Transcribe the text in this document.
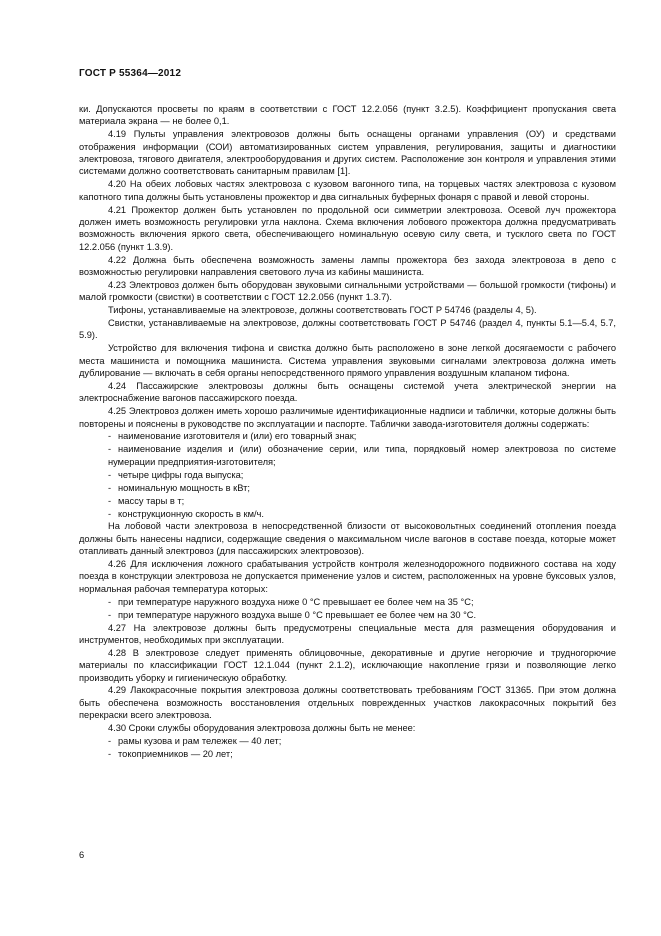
ГОСТ Р 55364—2012
ки. Допускаются просветы по краям в соответствии с ГОСТ 12.2.056 (пункт 3.2.5). Коэффициент пропускания света материала экрана — не более 0,1.
4.19 Пульты управления электровозов должны быть оснащены органами управления (ОУ) и средствами отображения информации (СОИ) автоматизированных систем управления, регулирования, защиты и диагностики электровоза, тягового двигателя, электрооборудования и других систем. Расположение зон контроля и управления этими системами должно соответствовать санитарным правилам [1].
4.20 На обеих лобовых частях электровоза с кузовом вагонного типа, на торцевых частях электровоза с кузовом капотного типа должны быть установлены прожектор и два сигнальных буферных фонаря с правой и левой стороны.
4.21 Прожектор должен быть установлен по продольной оси симметрии электровоза. Осевой луч прожектора должен иметь возможность регулировки угла наклона. Схема включения лобового прожектора должна предусматривать возможность включения яркого света, обеспечивающего номинальную осевую силу света, и тусклого света по ГОСТ 12.2.056 (пункт 1.3.9).
4.22 Должна быть обеспечена возможность замены лампы прожектора без захода электровоза в депо с возможностью регулировки направления светового луча из кабины машиниста.
4.23 Электровоз должен быть оборудован звуковыми сигнальными устройствами — большой громкости (тифоны) и малой громкости (свистки) в соответствии с ГОСТ 12.2.056 (пункт 1.3.7).
Тифоны, устанавливаемые на электровозе, должны соответствовать ГОСТ Р 54746 (разделы 4, 5).
Свистки, устанавливаемые на электровозе, должны соответствовать ГОСТ Р 54746 (раздел 4, пункты 5.1—5.4, 5.7, 5.9).
Устройство для включения тифона и свистка должно быть расположено в зоне легкой досягаемости с рабочего места машиниста и помощника машиниста. Система управления звуковыми сигналами электровоза должна иметь дублирование — включать в себя органы непосредственного прямого управления воздушным клапаном тифона.
4.24 Пассажирские электровозы должны быть оснащены системой учета электрической энергии на электроснабжение вагонов пассажирского поезда.
4.25 Электровоз должен иметь хорошо различимые идентификационные надписи и таблички, которые должны быть повторены и пояснены в руководстве по эксплуатации и паспорте. Таблички завода-изготовителя должны содержать:
- наименование изготовителя и (или) его товарный знак;
- наименование изделия и (или) обозначение серии, или типа, порядковый номер электровоза по системе нумерации предприятия-изготовителя;
- четыре цифры года выпуска;
- номинальную мощность в кВт;
- массу тары в т;
- конструкционную скорость в км/ч.
На лобовой части электровоза в непосредственной близости от высоковольтных соединений отопления поезда должны быть нанесены надписи, содержащие сведения о максимальном числе вагонов в составе поезда, которые может отапливать данный электровоз (для пассажирских электровозов).
4.26 Для исключения ложного срабатывания устройств контроля железнодорожного подвижного состава на ходу поезда в конструкции электровоза не допускается применение узлов и систем, расположенных на уровне буксовых узлов, нормальная рабочая температура которых:
- при температуре наружного воздуха ниже 0 °С превышает ее более чем на 35 °С;
- при температуре наружного воздуха выше 0 °С превышает ее более чем на 30 °С.
4.27 На электровозе должны быть предусмотрены специальные места для размещения оборудования и инструментов, необходимых при эксплуатации.
4.28 В электровозе следует применять облицовочные, декоративные и другие негорючие и трудногорючие материалы по классификации ГОСТ 12.1.044 (пункт 2.1.2), исключающие накопление грязи и позволяющие легко производить уборку и гигиеническую обработку.
4.29 Лакокрасочные покрытия электровоза должны соответствовать требованиям ГОСТ 31365. При этом должна быть обеспечена возможность восстановления отдельных поврежденных участков лакокрасочных покрытий без перекраски всего электровоза.
4.30 Сроки службы оборудования электровоза должны быть не менее:
- рамы кузова и рам тележек — 40 лет;
- токоприемников — 20 лет;
6
